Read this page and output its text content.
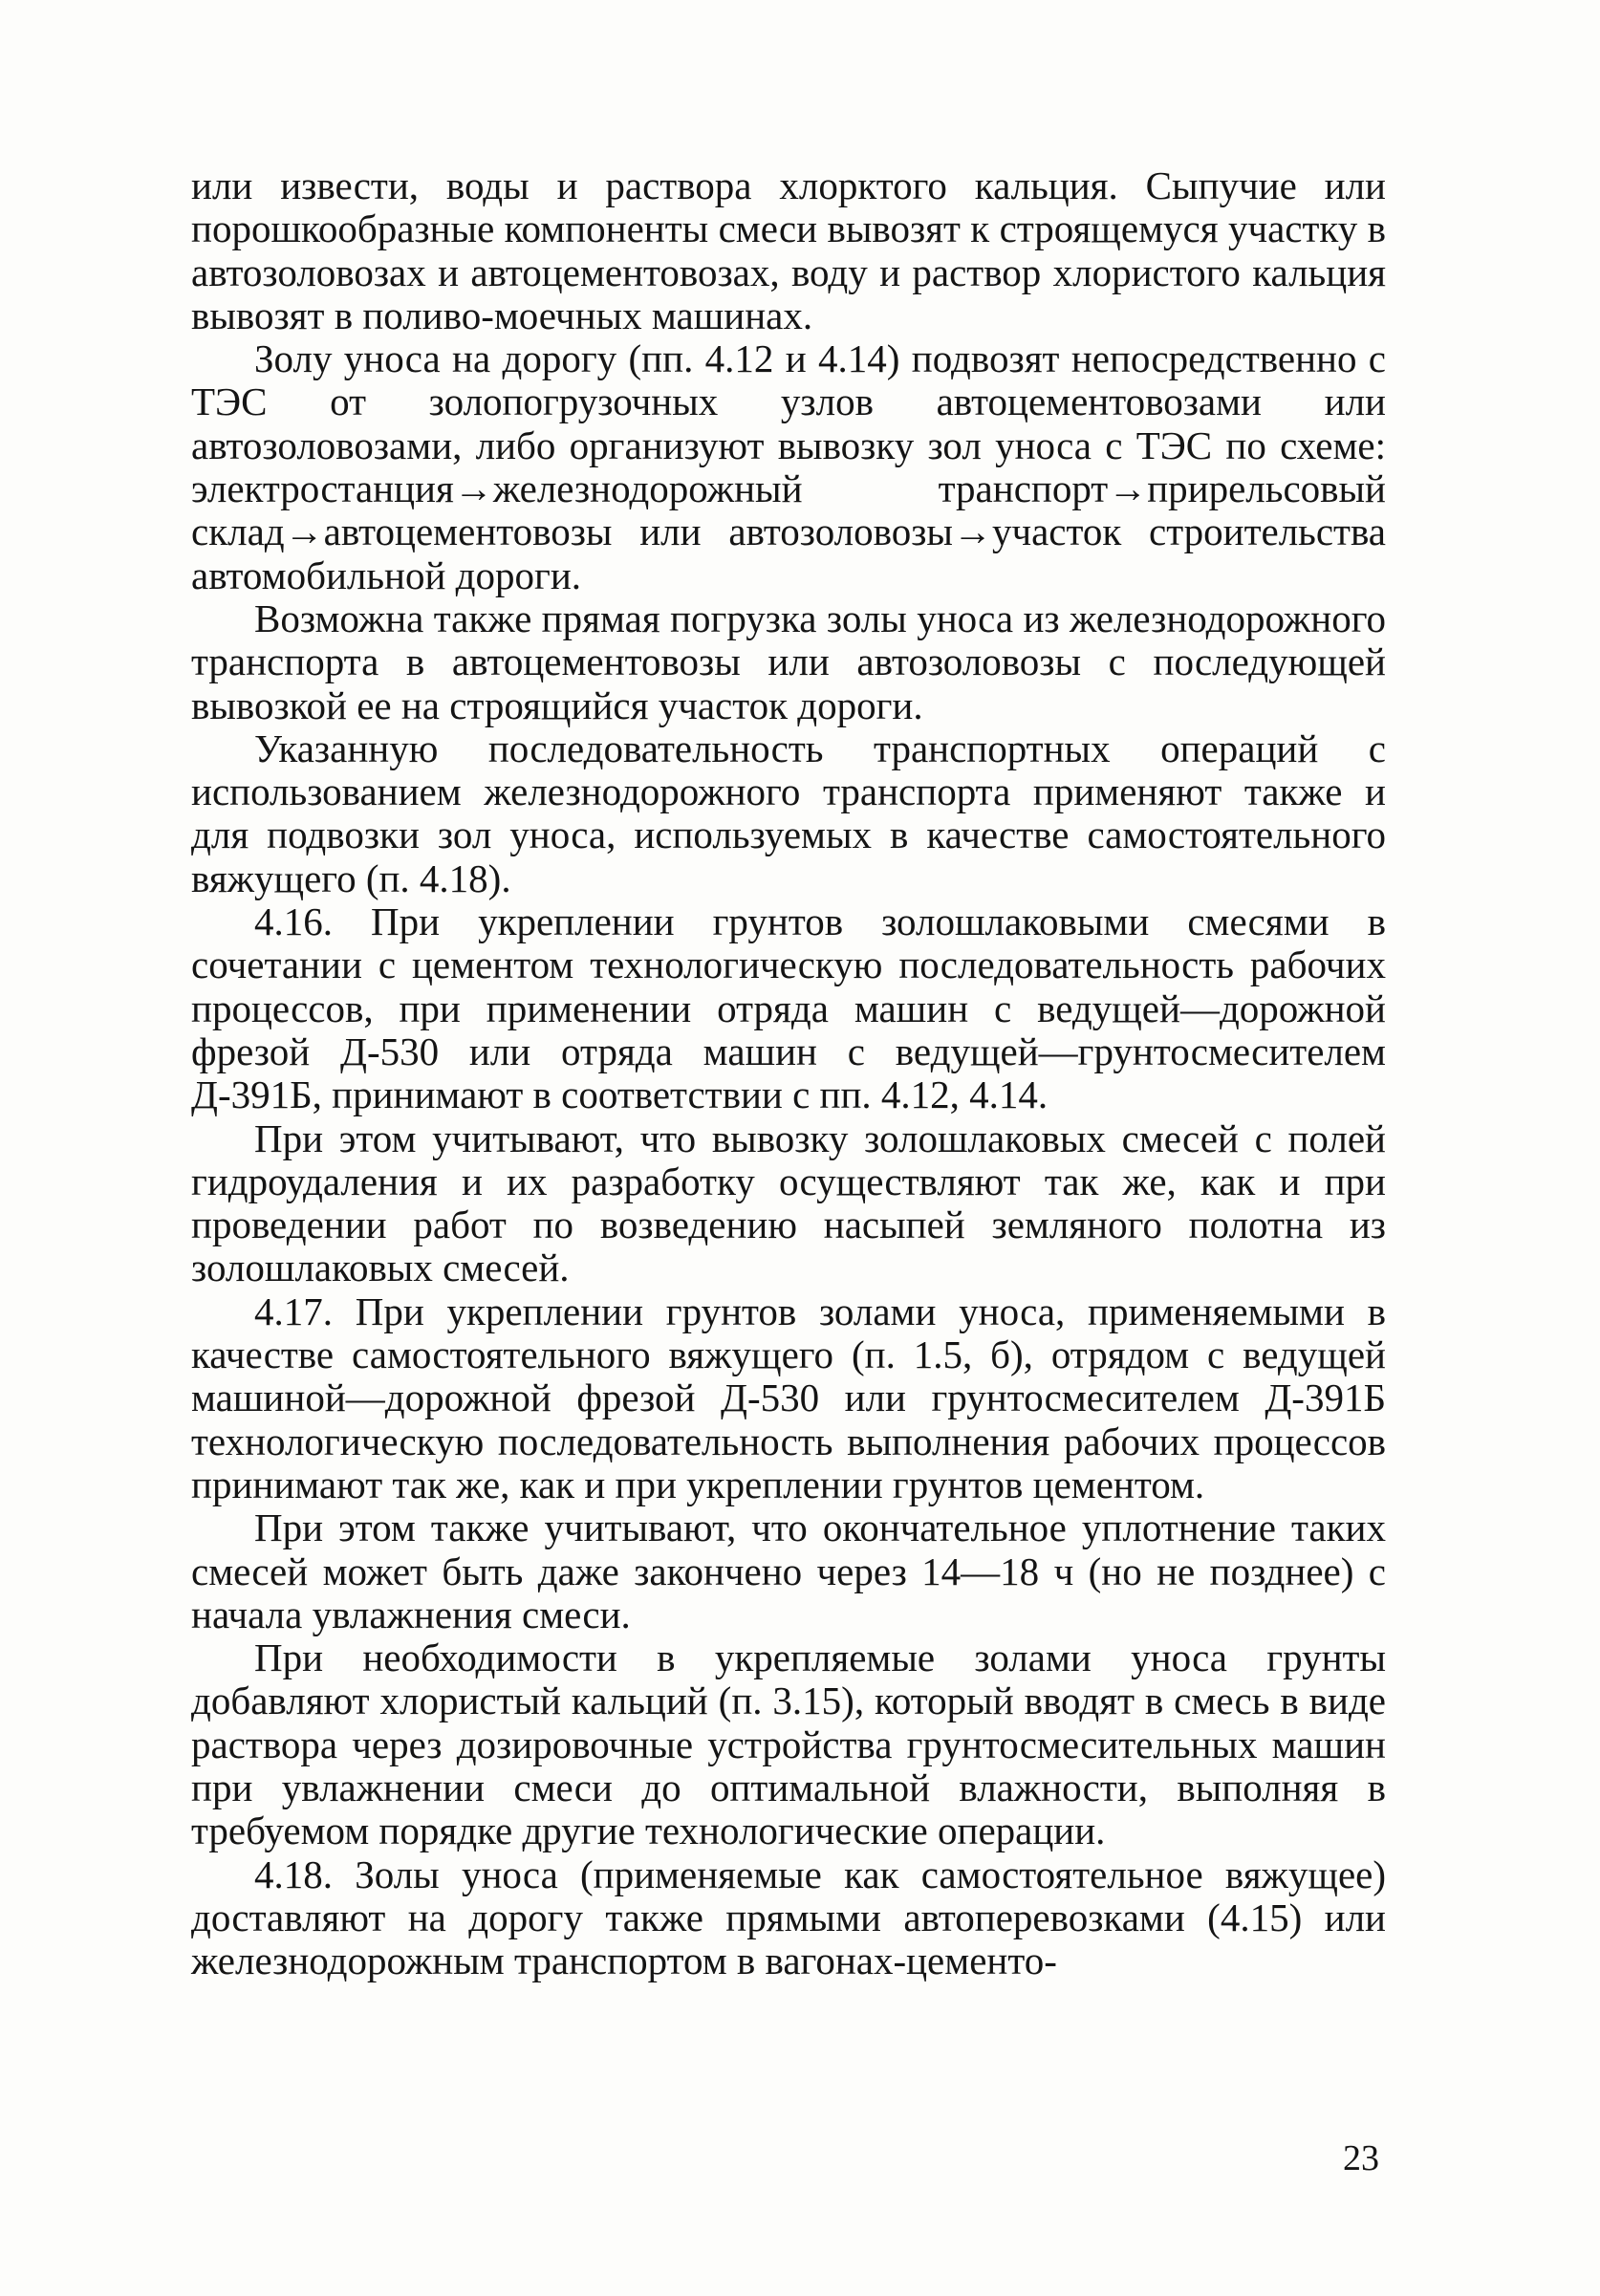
или извести, воды и раствора хлорктого кальция. Сыпучие или порошкообразные компоненты смеси вывозят к строящемуся участку в автозоловозах и автоцементовозах, воду и раствор хлористого кальция вывозят в поливо-моечных машинах.

Золу уноса на дорогу (пп. 4.12 и 4.14) подвозят непосредственно с ТЭС от золопогрузочных узлов автоцементовозами или автозоловозами, либо организуют вывозку зол уноса с ТЭС по схеме: электростанция→железнодорожный транспорт→прирельсовый склад→автоцементовозы или автозоловозы→участок строительства автомобильной дороги.

Возможна также прямая погрузка золы уноса из железнодорожного транспорта в автоцементовозы или автозоловозы с последующей вывозкой ее на строящийся участок дороги.

Указанную последовательность транспортных операций с использованием железнодорожного транспорта применяют также и для подвозки зол уноса, используемых в качестве самостоятельного вяжущего (п. 4.18).

4.16. При укреплении грунтов золошлаковыми смесями в сочетании с цементом технологическую последовательность рабочих процессов, при применении отряда машин с ведущей—дорожной фрезой Д-530 или отряда машин с ведущей—грунтосмесителем Д-391Б, принимают в соответствии с пп. 4.12, 4.14.

При этом учитывают, что вывозку золошлаковых смесей с полей гидроудаления и их разработку осуществляют так же, как и при проведении работ по возведению насыпей земляного полотна из золошлаковых смесей.

4.17. При укреплении грунтов золами уноса, применяемыми в качестве самостоятельного вяжущего (п. 1.5, б), отрядом с ведущей машиной—дорожной фрезой Д-530 или грунтосмесителем Д-391Б технологическую последовательность выполнения рабочих процессов принимают так же, как и при укреплении грунтов цементом.

При этом также учитывают, что окончательное уплотнение таких смесей может быть даже закончено через 14—18 ч (но не позднее) с начала увлажнения смеси.

При необходимости в укрепляемые золами уноса грунты добавляют хлористый кальций (п. 3.15), который вводят в смесь в виде раствора через дозировочные устройства грунтосмесительных машин при увлажнении смеси до оптимальной влажности, выполняя в требуемом порядке другие технологические операции.

4.18. Золы уноса (применяемые как самостоятельное вяжущее) доставляют на дорогу также прямыми автоперевозками (4.15) или железнодорожным транспортом в вагонах-цементо-

23
